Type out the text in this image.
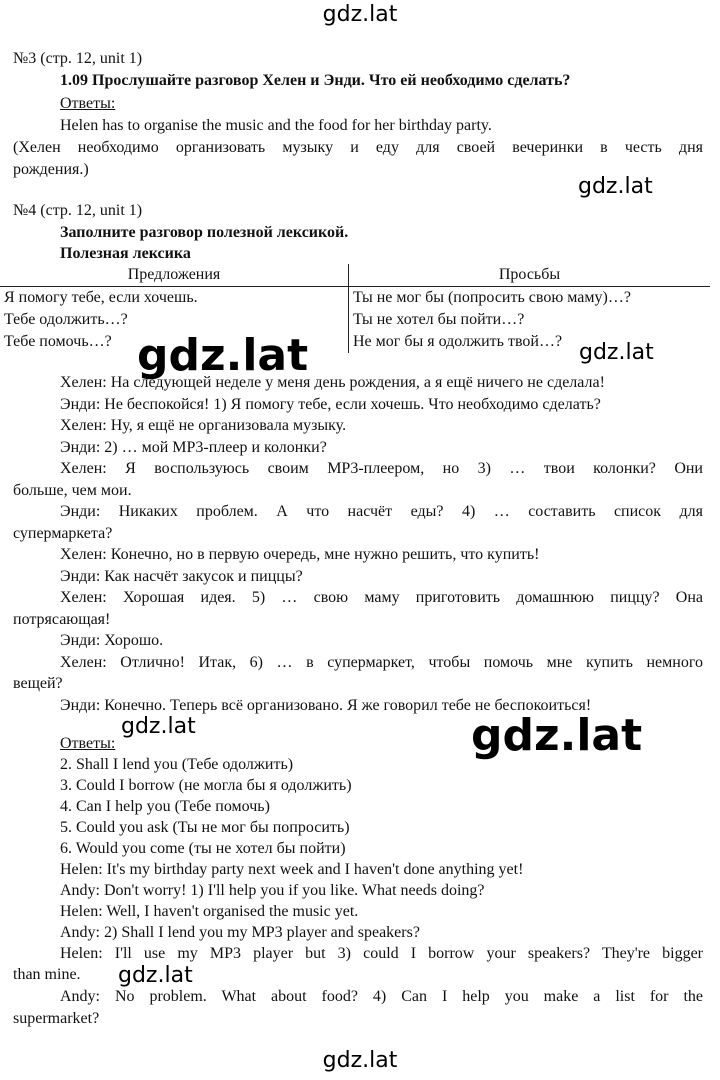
gdz.lat
gdz.lat
gdz.lat	gdz.lat
gdz.lat	gdz.lat
gdz.lat
gdz.lat
№3 (стр. 12, unit 1)
1.09 Прослушайте разговор Хелен и Энди. Что ей необходимо сделать?
Ответы:
Helen has to organise the music and the food for her birthday party.
(Хелен необходимо организовать музыку и еду для своей вечеринки в честь дня
рождения.)
№4 (стр. 12, unit 1)
Заполните разговор полезной лексикой.
Полезная лексика
Предложения	Просьбы
Я помогу тебе, если хочешь.	Ты не мог бы (попросить свою маму)…?
Тебе одолжить…?	Ты не хотел бы пойти…?
Тебе помочь…?	Не мог бы я одолжить твой…?
Хелен: На следующей неделе у меня день рождения, а я ещё ничего не сделала!
Энди: Не беспокойся! 1) Я помогу тебе, если хочешь. Что необходимо сделать?
Хелен: Ну, я ещё не организовала музыку.
Энди: 2) … мой MP3-плеер и колонки?
Хелен: Я воспользуюсь своим MP3-плеером, но 3) … твои колонки? Они
больше, чем мои.
Энди: Никаких проблем. А что насчёт еды? 4) … составить список для
супермаркета?
Хелен: Конечно, но в первую очередь, мне нужно решить, что купить!
Энди: Как насчёт закусок и пиццы?
Хелен: Хорошая идея. 5) … свою маму приготовить домашнюю пиццу? Она
потрясающая!
Энди: Хорошо.
Хелен: Отлично! Итак, 6) … в супермаркет, чтобы помочь мне купить немного
вещей?
Энди: Конечно. Теперь всё организовано. Я же говорил тебе не беспокоиться!
Ответы:
2. Shall I lend you (Тебе одолжить)
3. Could I borrow (не могла бы я одолжить)
4. Can I help you (Тебе помочь)
5. Could you ask (Ты не мог бы попросить)
6. Would you come (ты не хотел бы пойти)
Helen: It's my birthday party next week and I haven't done anything yet!
Andy: Don't worry! 1) I'll help you if you like. What needs doing?
Helen: Well, I haven't organised the music yet.
Andy: 2) Shall I lend you my MP3 player and speakers?
Helen: I'll use my MP3 player but 3) could I borrow your speakers? They're bigger
than mine.
Andy: No problem. What about food? 4) Can I help you make a list for the
supermarket?
